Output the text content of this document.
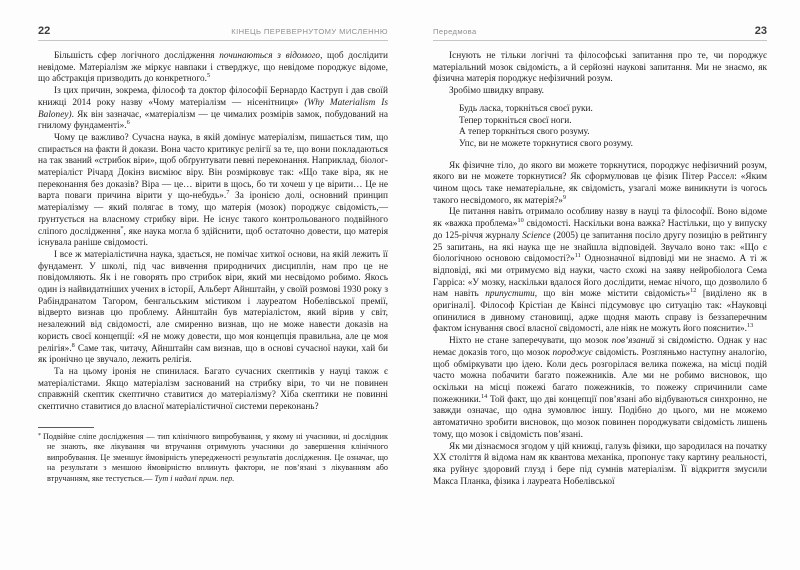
22	КІНЕЦЬ ПЕРЕВЕРНУТОМУ МИСЛЕННЮ

Більшість сфер логічного дослідження починаються з відомого, щоб дослідити невідоме. Матеріалізм же міркує навпаки і стверджує, що невідоме породжує відоме, що абстракція призводить до конкретного.$^5$

Із цих причин, зокрема, філософ та доктор філософії Бернардо Каструп і дав своїй книжці 2014 року назву «Чому матеріалізм — нісенітниця» (Why Materialism Is Baloney). Як він зазначає, «матеріалізм — це чималих розмірів замок, побудований на гнилому фундаменті».$^6$

Чому це важливо? Сучасна наука, в якій домінує матеріалізм, пишається тим, що спирається на факти й докази. Вона часто критикує релігії за те, що вони покладаються на так званий «стрибок віри», щоб обґрунтувати певні переконання. Наприклад, біолог-матеріаліст Річард Докінз висміює віру. Він розмірковує так: «Що таке віра, як не переконання без доказів? Віра — це… вірити в щось, бо ти хочеш у це вірити… Це не варта поваги причина вірити у що-небудь».$^7$ За іронією долі, основний принцип матеріалізму — який полягає в тому, що матерія (мозок) породжує свідомість,— ґрунтується на власному стрибку віри. Не існує такого контрольованого подвійного сліпого дослідження*, яке наука могла б здійснити, щоб остаточно довести, що матерія існувала раніше свідомості.

І все ж матеріалістична наука, здається, не помічає хиткої основи, на якій лежить її фундамент. У школі, під час вивчення природничих дисциплін, нам про це не повідомляють. Як і не говорять про стрибок віри, який ми несвідомо робимо. Якось один із найвидатніших учених в історії, Альберт Айнштайн, у своїй розмові 1930 року з Рабіндранатом Тагором, бенгальським містиком і лауреатом Нобелівської премії, відверто визнав цю проблему. Айнштайн був матеріалістом, який вірив у світ, незалежний від свідомості, але смиренно визнав, що не може навести доказів на користь своєї концепції: «Я не можу довести, що моя концепція правильна, але це моя релігія».$^8$ Саме так, читачу, Айнштайн сам визнав, що в основі сучасної науки, хай би як іронічно це звучало, лежить релігія.

Та на цьому іронія не спинилася. Багато сучасних скептиків у науці також є матеріалістами. Якщо матеріалізм заснований на стрибку віри, то чи не повинен справжній скептик скептично ставитися до матеріалізму? Хіба скептики не повинні скептично ставитися до власної матеріалістичної системи переконань?

* Подвійне сліпе дослідження — тип клінічного випробування, у якому ні учасники, ні дослідник не знають, яке лікування чи втручання отримують учасники до завершення клінічного випробування. Це зменшує ймовірність упередженості результатів дослідження. Це означає, що на результати з меншою ймовірністю вплинуть фактори, не пов’язані з лікуванням або втручанням, яке тестується.— Тут і надалі прим. пер.

Передмова	23

Існують не тільки логічні та філософські запитання про те, чи породжує матеріальний мозок свідомість, а й серйозні наукові запитання. Ми не знаємо, як фізична матерія породжує нефізичний розум.

Зробімо швидку вправу.

Будь ласка, торкніться своєї руки.
Тепер торкніться своєї ноги.
А тепер торкніться свого розуму.
Упс, ви не можете торкнутися свого розуму.

Як фізичне тіло, до якого ви можете торкнутися, породжує нефізичний розум, якого ви не можете торкнутися? Як сформулював це фізик Пітер Рассел: «Яким чином щось таке нематеріальне, як свідомість, узагалі може виникнути із чогось такого несвідомого, як матерія?»$^9$

Це питання навіть отримало особливу назву в науці та філософії. Воно відоме як «важка проблема»$^{10}$ свідомості. Наскільки вона важка? Настільки, що у випуску до 125-річчя журналу Science (2005) це запитання посіло другу позицію в рейтингу 25 запитань, на які наука ще не знайшла відповідей. Звучало воно так: «Що є біологічною основою свідомості?»$^{11}$ Однозначної відповіді ми не знаємо. А ті ж відповіді, які ми отримуємо від науки, часто схожі на заяву нейробіолога Сема Гарріса: «У мозку, наскільки вдалося його дослідити, немає нічого, що дозволило б нам навіть припустити, що він може містити свідомість»$^{12}$ [виділено як в оригіналі]. Філософ Крістіан де Квінсі підсумовує цю ситуацію так: «Науковці опинилися в дивному становищі, адже щодня мають справу із беззаперечним фактом існування своєї власної свідомості, але ніяк не можуть його пояснити».$^{13}$

Ніхто не стане заперечувати, що мозок пов’язаний зі свідомістю. Однак у нас немає доказів того, що мозок породжує свідомість. Розгляньмо наступну аналогію, щоб обміркувати цю ідею. Коли десь розгорілася велика пожежа, на місці подій часто можна побачити багато пожежників. Але ми не робимо висновок, що оскільки на місці пожежі багато пожежників, то пожежу спричинили саме пожежники.$^{14}$ Той факт, що дві концепції пов’язані або відбуваються синхронно, не завжди означає, що одна зумовлює іншу. Подібно до цього, ми не можемо автоматично зробити висновок, що мозок повинен породжувати свідомість лишень тому, що мозок і свідомість пов’язані.

Як ми дізнаємося згодом у цій книжці, галузь фізики, що зародилася на початку XX століття й відома нам як квантова механіка, пропонує таку картину реальності, яка руйнує здоровий глузд і бере під сумнів матеріалізм. Її відкриття змусили Макса Планка, фізика і лауреата Нобелівської
